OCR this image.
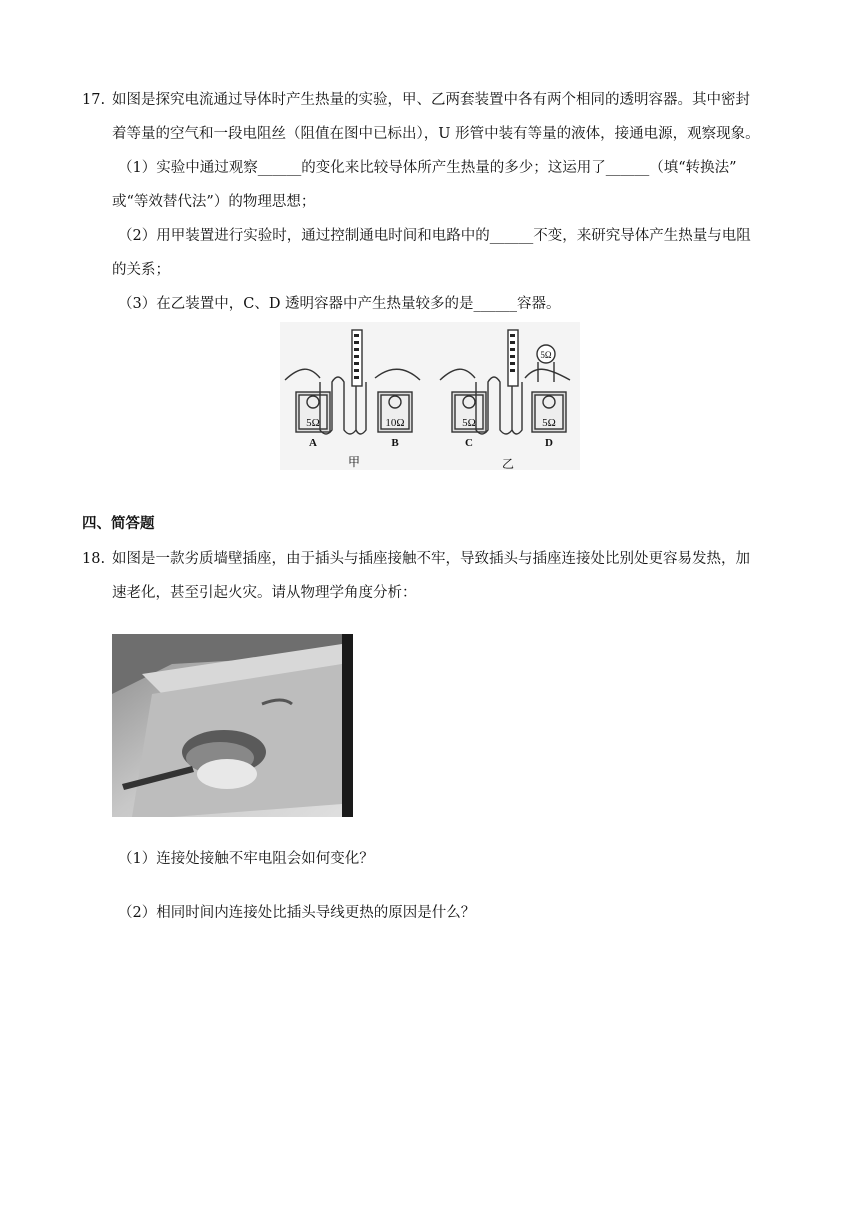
17. 如图是探究电流通过导体时产生热量的实验，甲、乙两套装置中各有两个相同的透明容器。其中密封
着等量的空气和一段电阻丝（阻值在图中已标出），U 形管中装有等量的液体，接通电源，观察现象。
（1）实验中通过观察______的变化来比较导体所产生热量的多少；这运用了______（填“转换法”
或“等效替代法”）的物理思想；
（2）用甲装置进行实验时，通过控制通电时间和电路中的______不变，来研究导体产生热量与电阻
的关系；
（3）在乙装置中，C、D 透明容器中产生热量较多的是______容器。
5Ω	10Ω	5Ω	5Ω
5Ω
A	B	C	D
甲	乙
四、简答题
18. 如图是一款劣质墙壁插座，由于插头与插座接触不牢，导致插头与插座连接处比别处更容易发热，加
速老化，甚至引起火灾。请从物理学角度分析：
（1）连接处接触不牢电阻会如何变化？
（2）相同时间内连接处比插头导线更热的原因是什么？
